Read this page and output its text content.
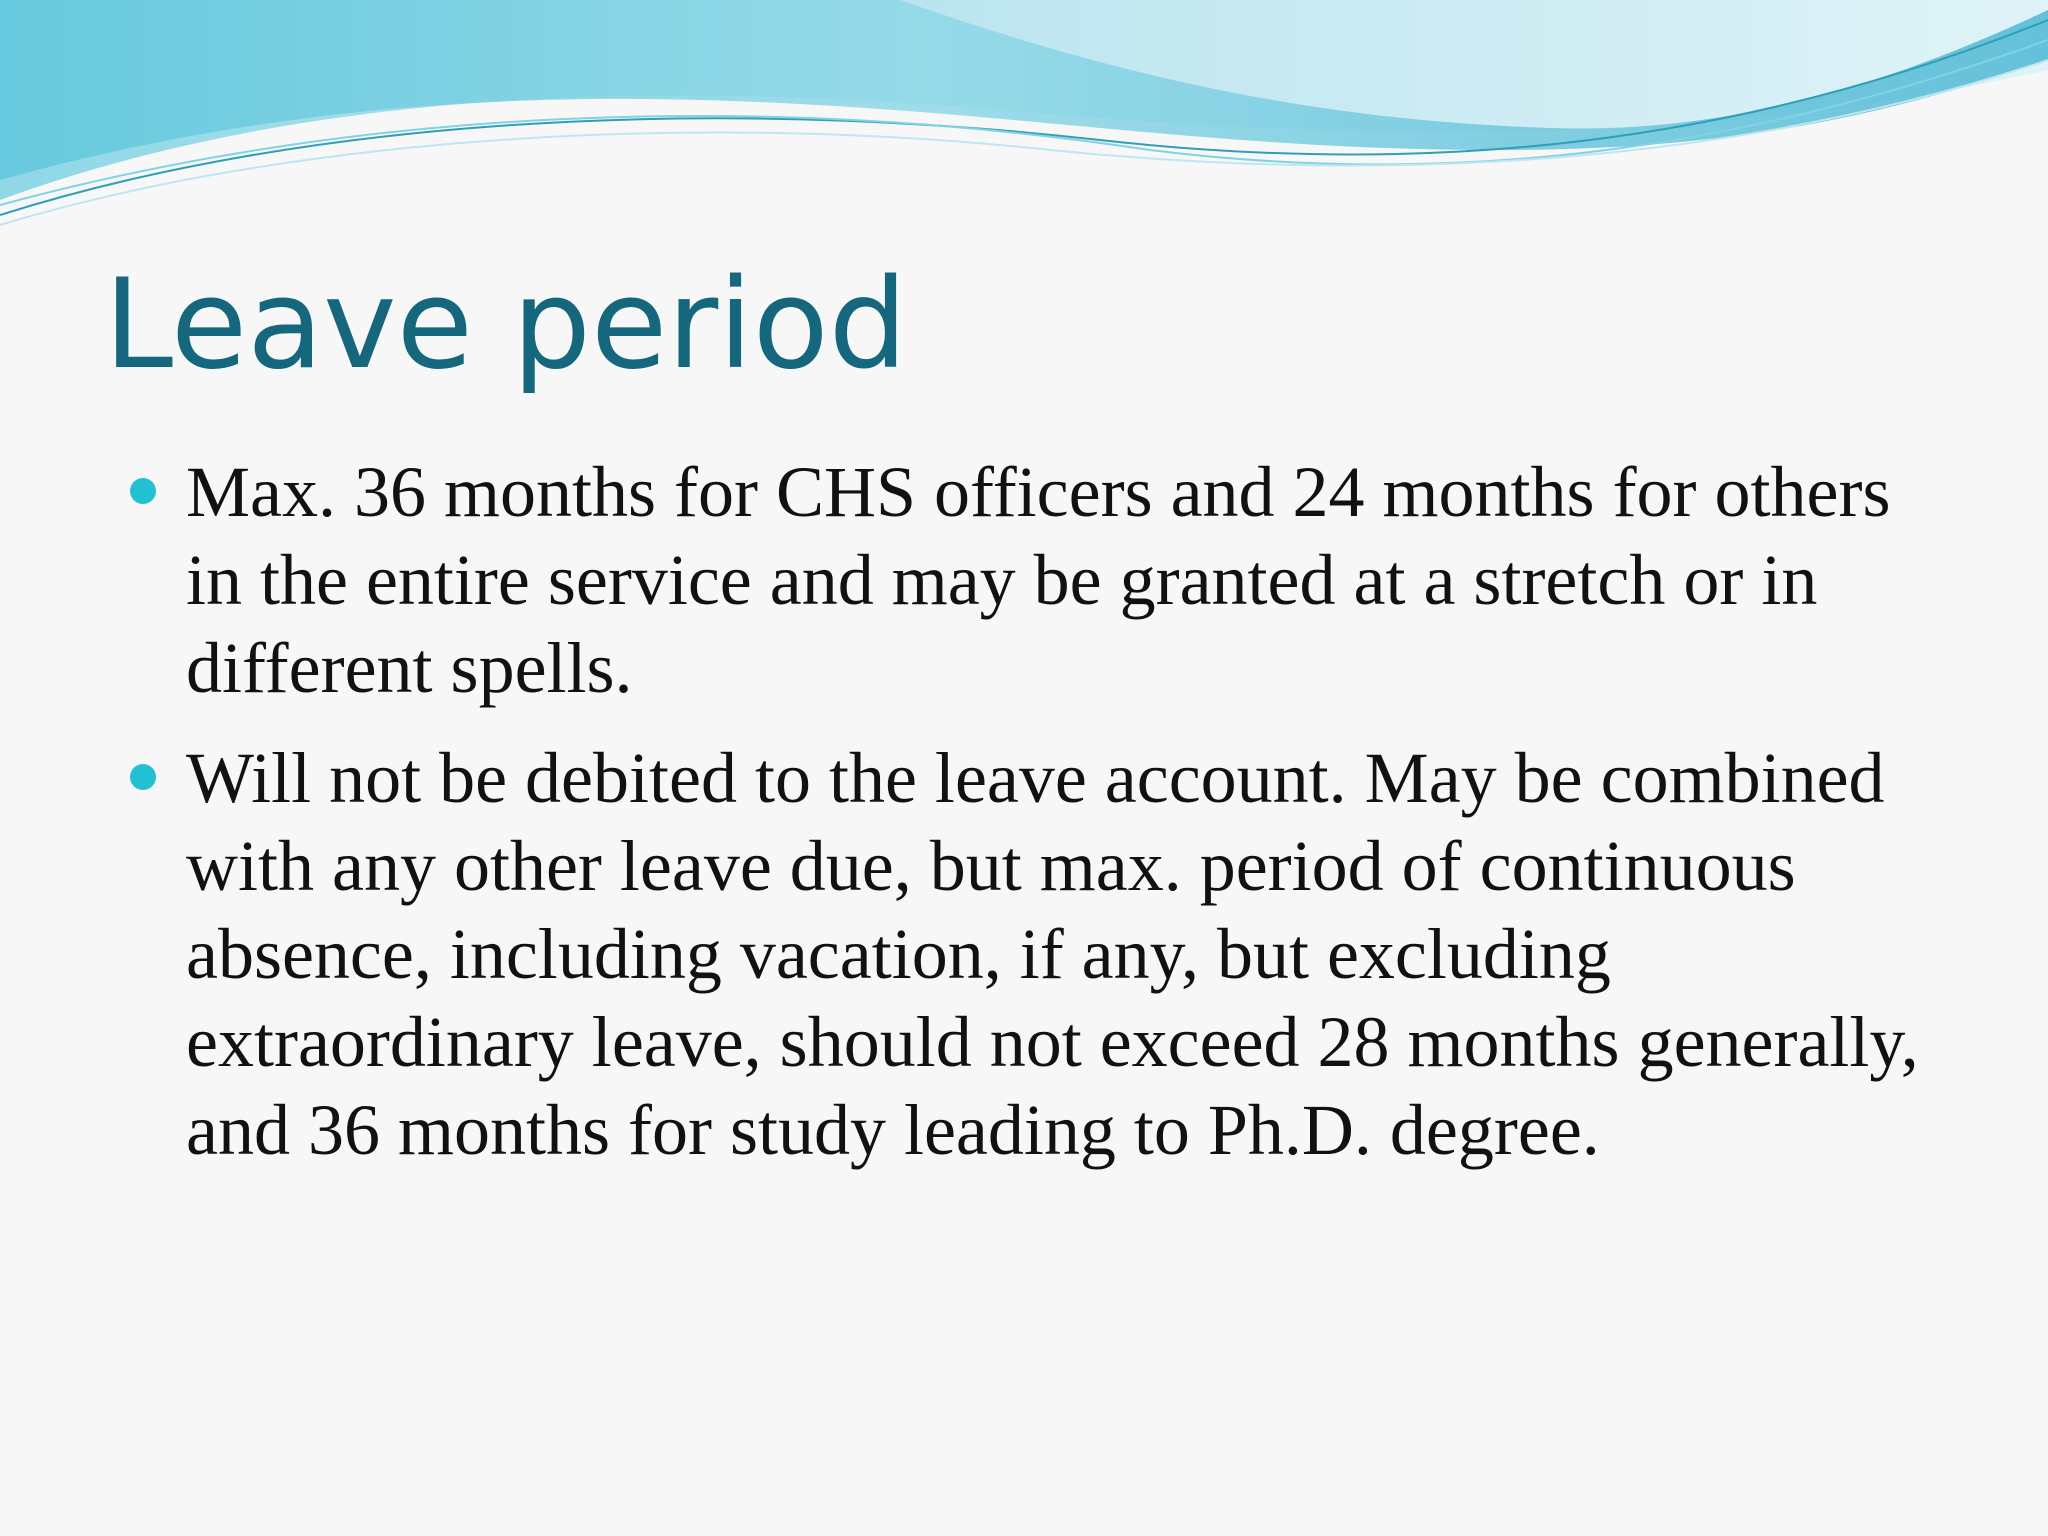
Leave period
Max. 36 months for CHS officers and 24 months for others in the entire service and may be granted at a stretch or in different spells.
Will not be debited to the leave account. May be combined with any other leave due, but max. period of continuous absence, including vacation, if any, but excluding extraordinary leave, should not exceed 28 months generally, and 36 months for study leading to Ph.D. degree.
